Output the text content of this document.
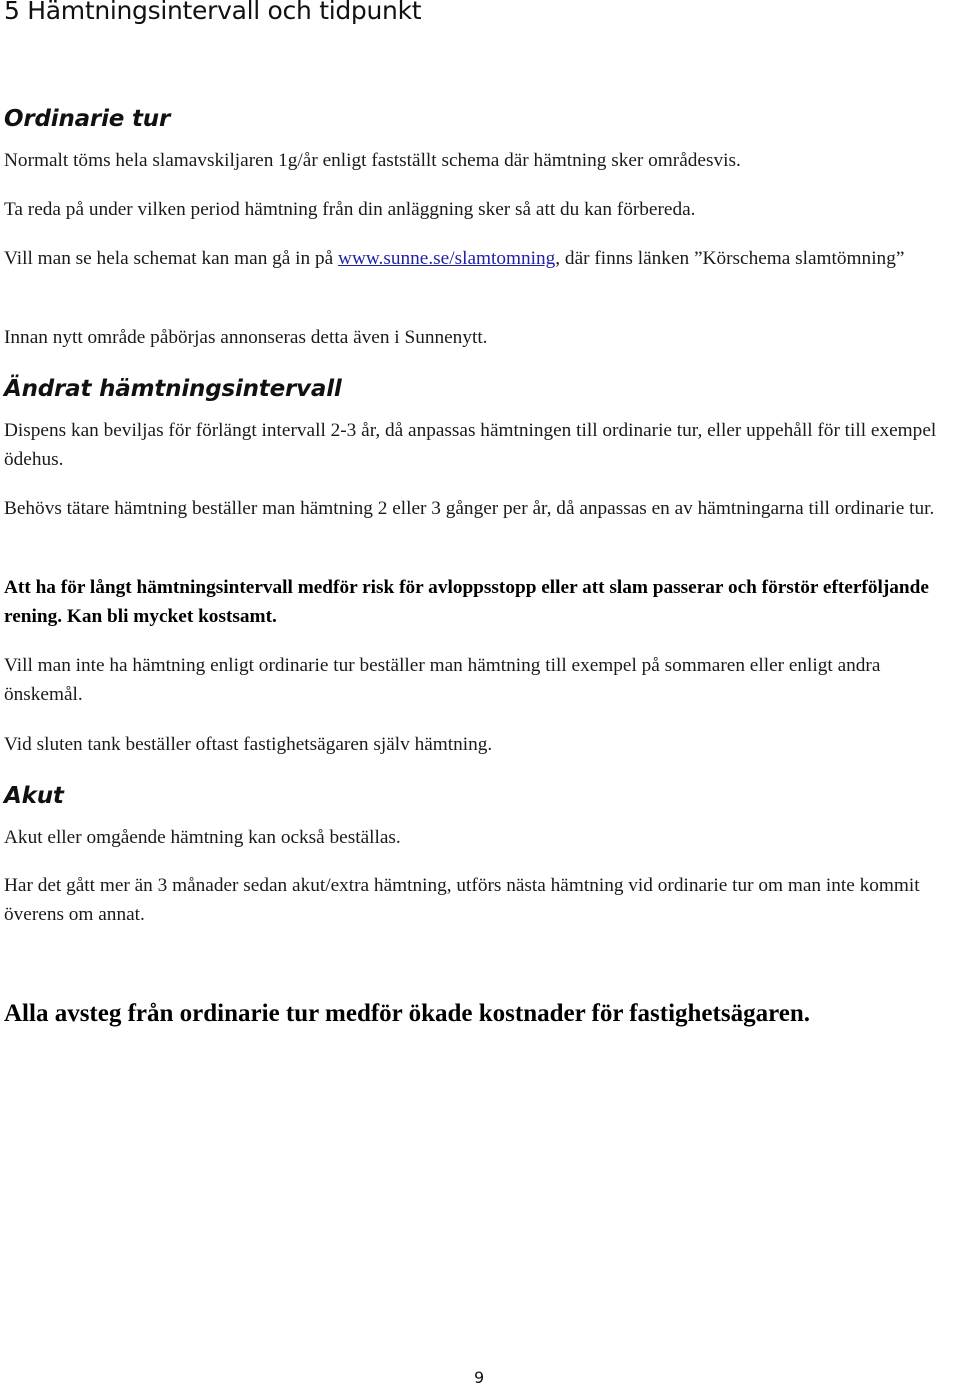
5 Hämtningsintervall och tidpunkt
Ordinarie tur

Normalt töms hela slamavskiljaren 1g/år enligt fastställt schema där hämtning sker områdesvis.

Ta reda på under vilken period hämtning från din anläggning sker så att du kan förbereda.

Vill man se hela schemat kan man gå in på www.sunne.se/slamtomning, där finns länken ”Körschema slamtömning”

Innan nytt område påbörjas annonseras detta även i Sunnenytt.

Ändrat hämtningsintervall

Dispens kan beviljas för förlängt intervall 2-3 år, då anpassas hämtningen till ordinarie tur, eller uppehåll för till exempel ödehus.

Behövs tätare hämtning beställer man hämtning 2 eller 3 gånger per år, då anpassas en av hämtningarna till ordinarie tur.

Att ha för långt hämtningsintervall medför risk för avloppsstopp eller att slam passerar och förstör efterföljande rening. Kan bli mycket kostsamt.

Vill man inte ha hämtning enligt ordinarie tur beställer man hämtning till exempel på sommaren eller enligt andra önskemål.

Vid sluten tank beställer oftast fastighetsägaren själv hämtning.

Akut

Akut eller omgående hämtning kan också beställas.

Har det gått mer än 3 månader sedan akut/extra hämtning, utförs nästa hämtning vid ordinarie tur om man inte kommit överens om annat.

Alla avsteg från ordinarie tur medför ökade kostnader för fastighetsägaren.

9
